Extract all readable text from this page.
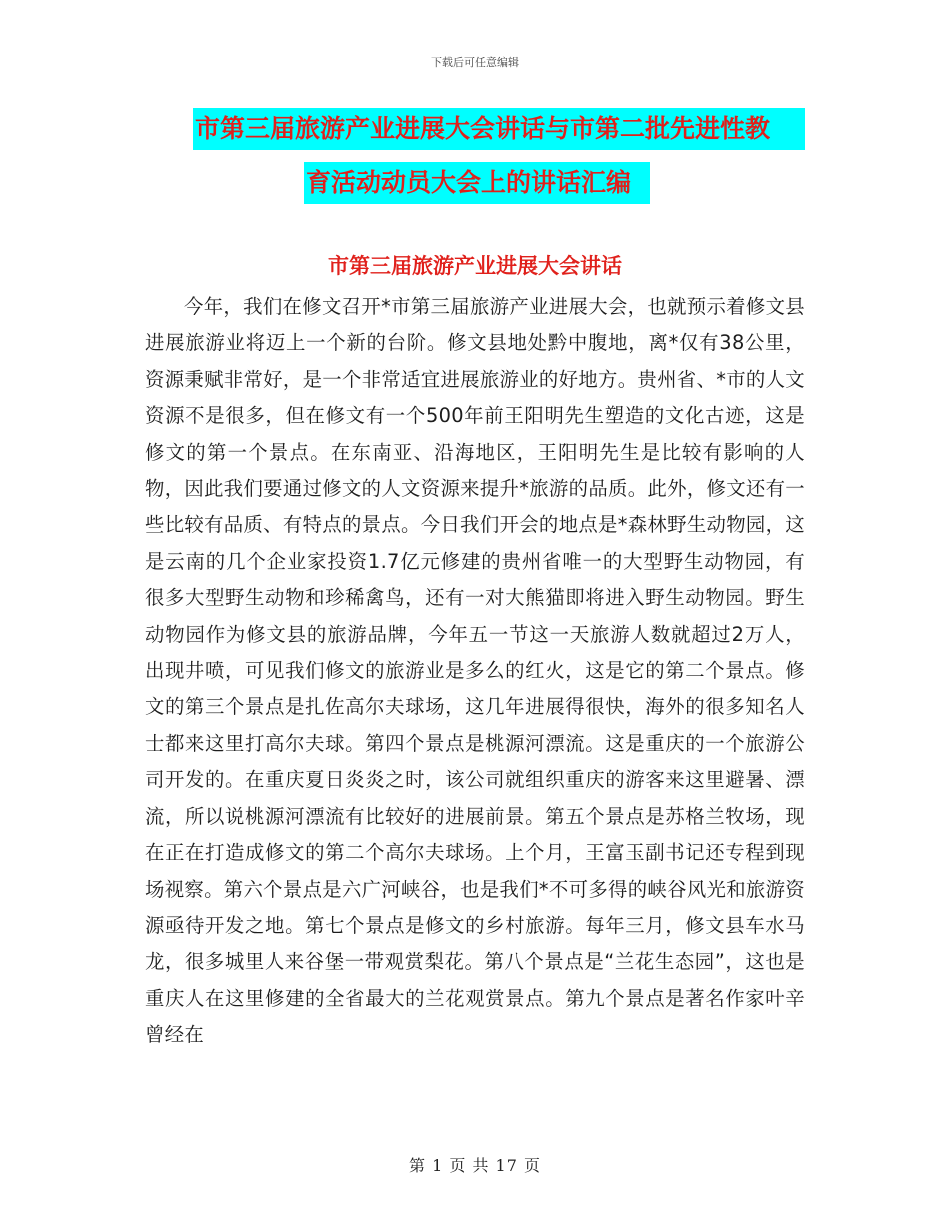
下载后可任意编辑
市第三届旅游产业进展大会讲话与市第二批先进性教
育活动动员大会上的讲话汇编
市第三届旅游产业进展大会讲话

今年，我们在修文召开*市第三届旅游产业进展大会，也就预示着修文县进展旅游业将迈上一个新的台阶。修文县地处黔中腹地，离*仅有38公里，资源秉赋非常好，是一个非常适宜进展旅游业的好地方。贵州省、*市的人文资源不是很多，但在修文有一个500年前王阳明先生塑造的文化古迹，这是修文的第一个景点。在东南亚、沿海地区，王阳明先生是比较有影响的人物，因此我们要通过修文的人文资源来提升*旅游的品质。此外，修文还有一些比较有品质、有特点的景点。今日我们开会的地点是*森林野生动物园，这是云南的几个企业家投资1.7亿元修建的贵州省唯一的大型野生动物园，有很多大型野生动物和珍稀禽鸟，还有一对大熊猫即将进入野生动物园。野生动物园作为修文县的旅游品牌，今年五一节这一天旅游人数就超过2万人，出现井喷，可见我们修文的旅游业是多么的红火，这是它的第二个景点。修文的第三个景点是扎佐高尔夫球场，这几年进展得很快，海外的很多知名人士都来这里打高尔夫球。第四个景点是桃源河漂流。这是重庆的一个旅游公司开发的。在重庆夏日炎炎之时，该公司就组织重庆的游客来这里避暑、漂流，所以说桃源河漂流有比较好的进展前景。第五个景点是苏格兰牧场，现在正在打造成修文的第二个高尔夫球场。上个月，王富玉副书记还专程到现场视察。第六个景点是六广河峡谷，也是我们*不可多得的峡谷风光和旅游资源亟待开发之地。第七个景点是修文的乡村旅游。每年三月，修文县车水马龙，很多城里人来谷堡一带观赏梨花。第八个景点是“兰花生态园”，这也是重庆人在这里修建的全省最大的兰花观赏景点。第九个景点是著名作家叶辛曾经在

第 1 页 共 17 页
